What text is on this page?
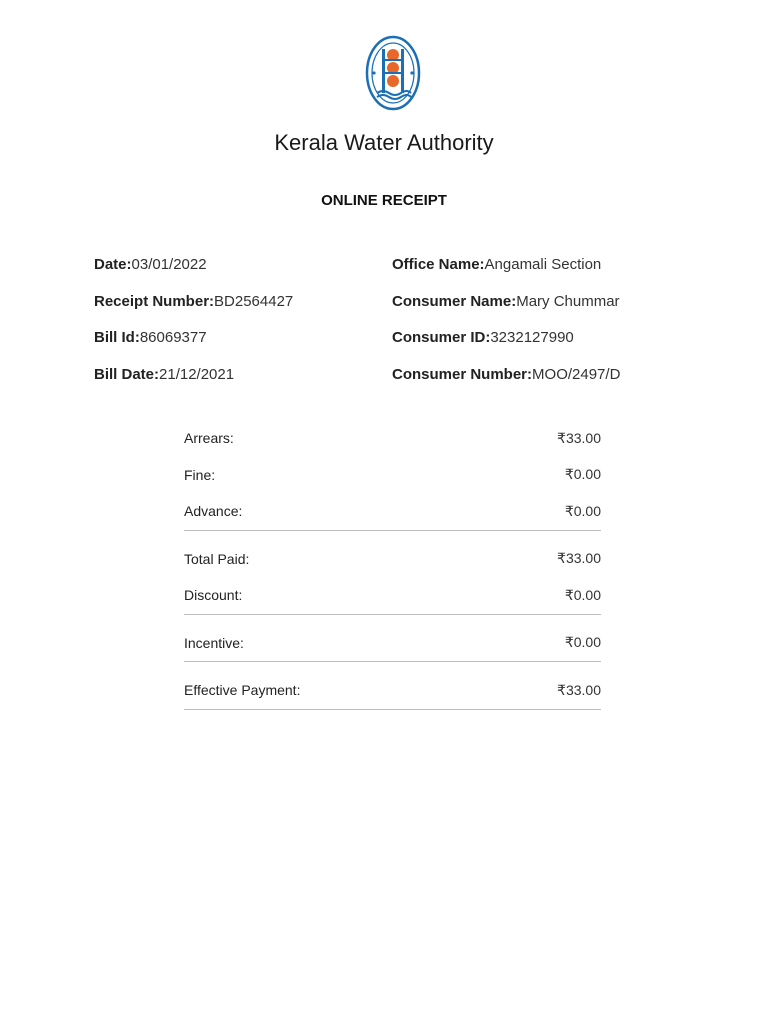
Kerala Water Authority
ONLINE RECEIPT
Date:03/01/2022
Receipt Number:BD2564427
Bill Id:86069377
Bill Date:21/12/2021
Office Name:Angamali Section
Consumer Name:Mary Chummar
Consumer ID:3232127990
Consumer Number:MOO/2497/D
Arrears:	₹33.00
Fine:	₹0.00
Advance:	₹0.00
Total Paid:	₹33.00
Discount:	₹0.00
Incentive:	₹0.00
Effective Payment:	₹33.00
